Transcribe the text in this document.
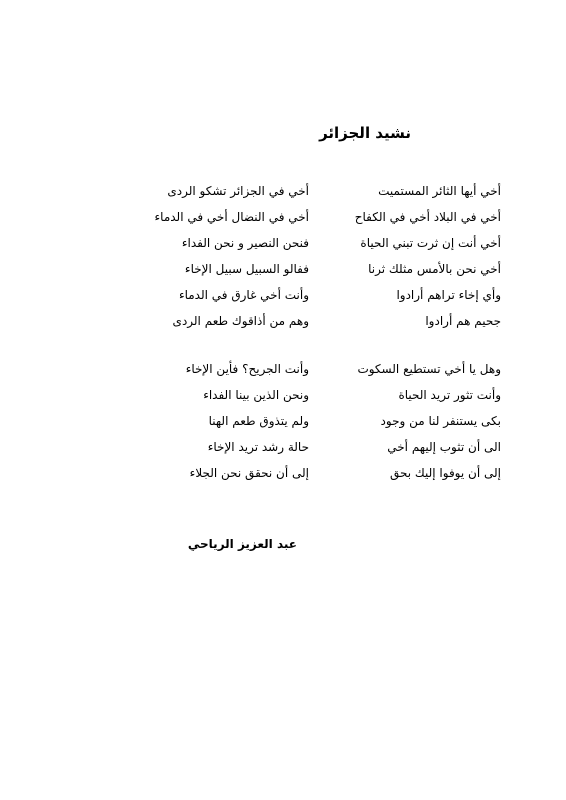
نشيد الجزائر
أخي أيها الثائر المستميت
أخي في الجزائر تشكو الردى
أخي في البلاد أخي في الكفاح
أخي في النضال أخي في الدماء
أخي أنت إن ثرت تبني الحياة
فنحن النصير و نحن الفداء
أخي نحن بالأمس مثلك ثرنا
ففالو السبيل سبيل الإخاء
وأي إخاء تراهم أرادوا
وأنت أخي غارق في الدماء
جحيم هم أرادوا
وهم من أذاقوك طعم الردى
وهل يا أخي تستطيع السكوت
وأنت الجريح؟ فأين الإخاء
وأنت تثور تريد الحياة
ونحن الذين بينا الفداء
بكى يستنفر لنا من وجود
ولم يتذوق طعم الهنا
الى أن تثوب إليهم أخي
حالة رشد تريد الإخاء
إلى أن يوفوا إليك بحق
إلى أن نحقق نحن الجلاء
عبد العزيز الرياحي
